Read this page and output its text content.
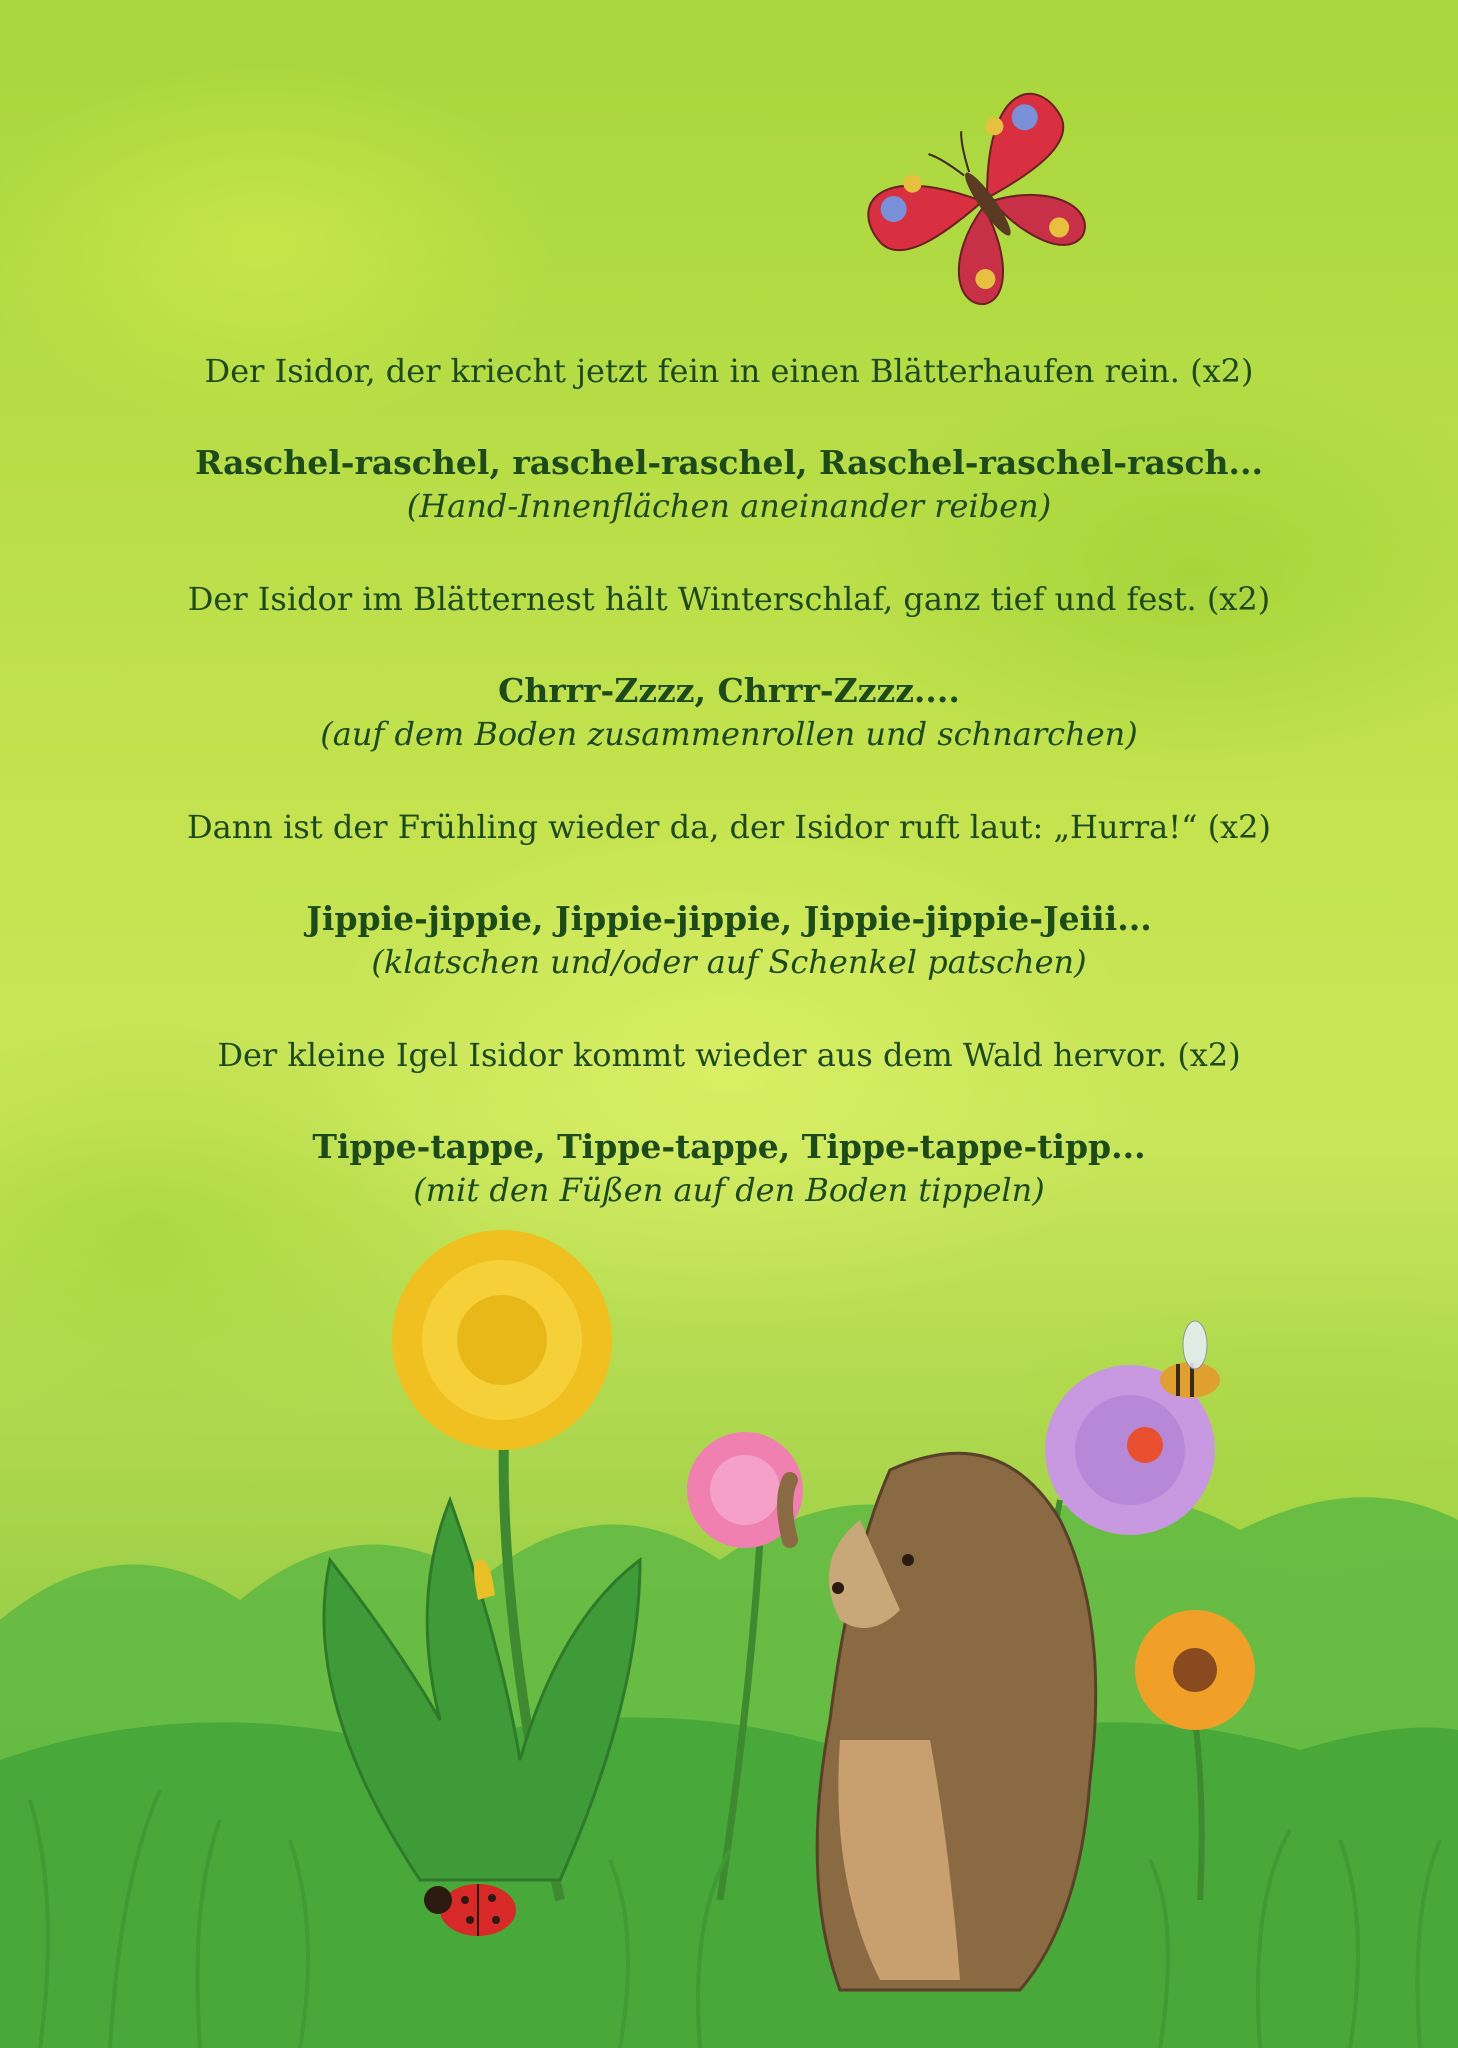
Der Isidor, der kriecht jetzt fein in einen Blätterhaufen rein. (x2)

Raschel-raschel, raschel-raschel, Raschel-raschel-rasch...

(Hand-Innenflächen aneinander reiben)

Der Isidor im Blätternest hält Winterschlaf, ganz tief und fest. (x2)

Chrrr-Zzzz, Chrrr-Zzzz....

(auf dem Boden zusammenrollen und schnarchen)

Dann ist der Frühling wieder da, der Isidor ruft laut: „Hurra!“ (x2)

Jippie-jippie, Jippie-jippie, Jippie-jippie-Jeiii...

(klatschen und/oder auf Schenkel patschen)

Der kleine Igel Isidor kommt wieder aus dem Wald hervor. (x2)

Tippe-tappe, Tippe-tappe, Tippe-tappe-tipp...

(mit den Füßen auf den Boden tippeln)
